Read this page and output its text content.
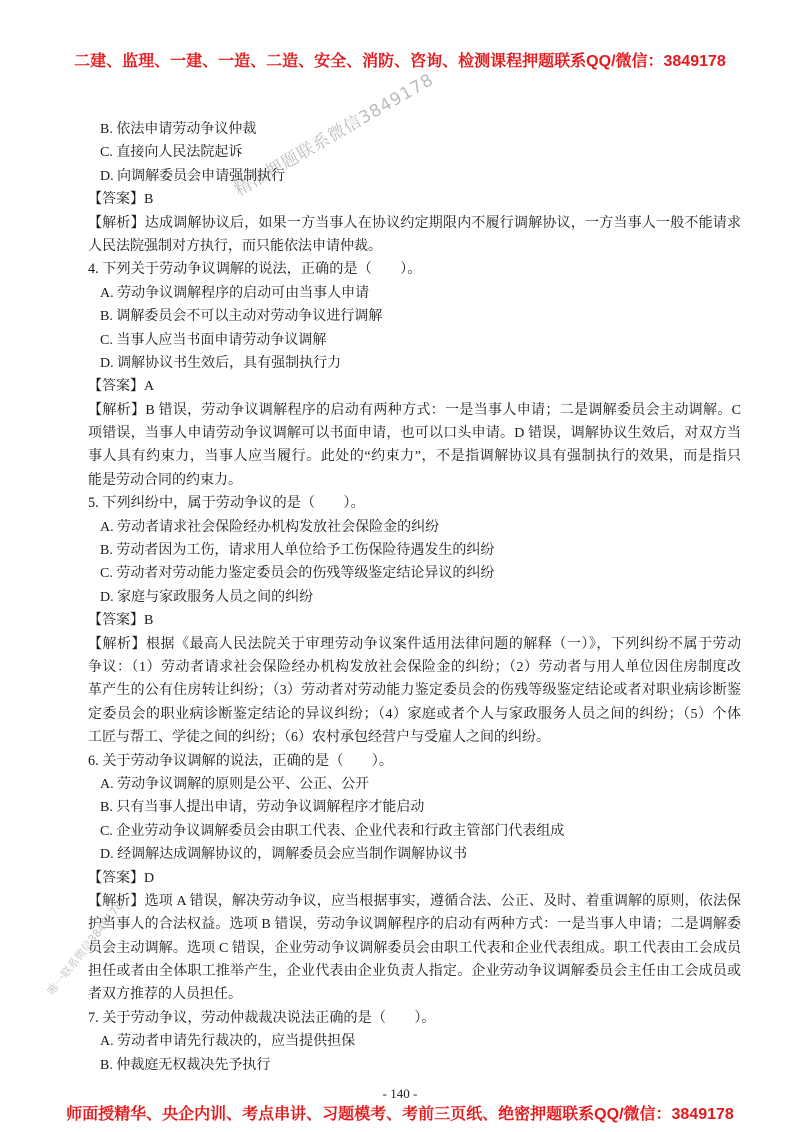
二建、监理、一建、一造、二造、安全、消防、咨询、检测课程押题联系QQ/微信：3849178
精准押题联系微信3849178
唯一联系微信3849178
B. 依法申请劳动争议仲裁
C. 直接向人民法院起诉
D. 向调解委员会申请强制执行
【答案】B
【解析】达成调解协议后，如果一方当事人在协议约定期限内不履行调解协议，一方当事人一般不能请求
人民法院强制对方执行，而只能依法申请仲裁。
4. 下列关于劳动争议调解的说法，正确的是（　　）。
A. 劳动争议调解程序的启动可由当事人申请
B. 调解委员会不可以主动对劳动争议进行调解
C. 当事人应当书面申请劳动争议调解
D. 调解协议书生效后，具有强制执行力
【答案】A
【解析】B 错误，劳动争议调解程序的启动有两种方式：一是当事人申请；二是调解委员会主动调解。C
项错误，当事人申请劳动争议调解可以书面申请，也可以口头申请。D 错误，调解协议生效后，对双方当
事人具有约束力，当事人应当履行。此处的“约束力”，不是指调解协议具有强制执行的效果，而是指只
能是劳动合同的约束力。
5. 下列纠纷中，属于劳动争议的是（　　）。
A. 劳动者请求社会保险经办机构发放社会保险金的纠纷
B. 劳动者因为工伤，请求用人单位给予工伤保险待遇发生的纠纷
C. 劳动者对劳动能力鉴定委员会的伤残等级鉴定结论异议的纠纷
D. 家庭与家政服务人员之间的纠纷
【答案】B
【解析】根据《最高人民法院关于审理劳动争议案件适用法律问题的解释（一）》，下列纠纷不属于劳动
争议：（1）劳动者请求社会保险经办机构发放社会保险金的纠纷；（2）劳动者与用人单位因住房制度改
革产生的公有住房转让纠纷；（3）劳动者对劳动能力鉴定委员会的伤残等级鉴定结论或者对职业病诊断鉴
定委员会的职业病诊断鉴定结论的异议纠纷；（4）家庭或者个人与家政服务人员之间的纠纷；（5）个体
工匠与帮工、学徒之间的纠纷；（6）农村承包经营户与受雇人之间的纠纷。
6. 关于劳动争议调解的说法，正确的是（　　）。
A. 劳动争议调解的原则是公平、公正、公开
B. 只有当事人提出申请，劳动争议调解程序才能启动
C. 企业劳动争议调解委员会由职工代表、企业代表和行政主管部门代表组成
D. 经调解达成调解协议的，调解委员会应当制作调解协议书
【答案】D
【解析】选项 A 错误，解决劳动争议，应当根据事实，遵循合法、公正、及时、着重调解的原则，依法保
护当事人的合法权益。选项 B 错误，劳动争议调解程序的启动有两种方式：一是当事人申请；二是调解委
员会主动调解。选项 C 错误，企业劳动争议调解委员会由职工代表和企业代表组成。职工代表由工会成员
担任或者由全体职工推举产生，企业代表由企业负责人指定。企业劳动争议调解委员会主任由工会成员或
者双方推荐的人员担任。
7. 关于劳动争议，劳动仲裁裁决说法正确的是（　　）。
A. 劳动者申请先行裁决的，应当提供担保
B. 仲裁庭无权裁决先予执行
- 140 -
师面授精华、央企内训、考点串讲、习题模考、考前三页纸、绝密押题联系QQ/微信：3849178
